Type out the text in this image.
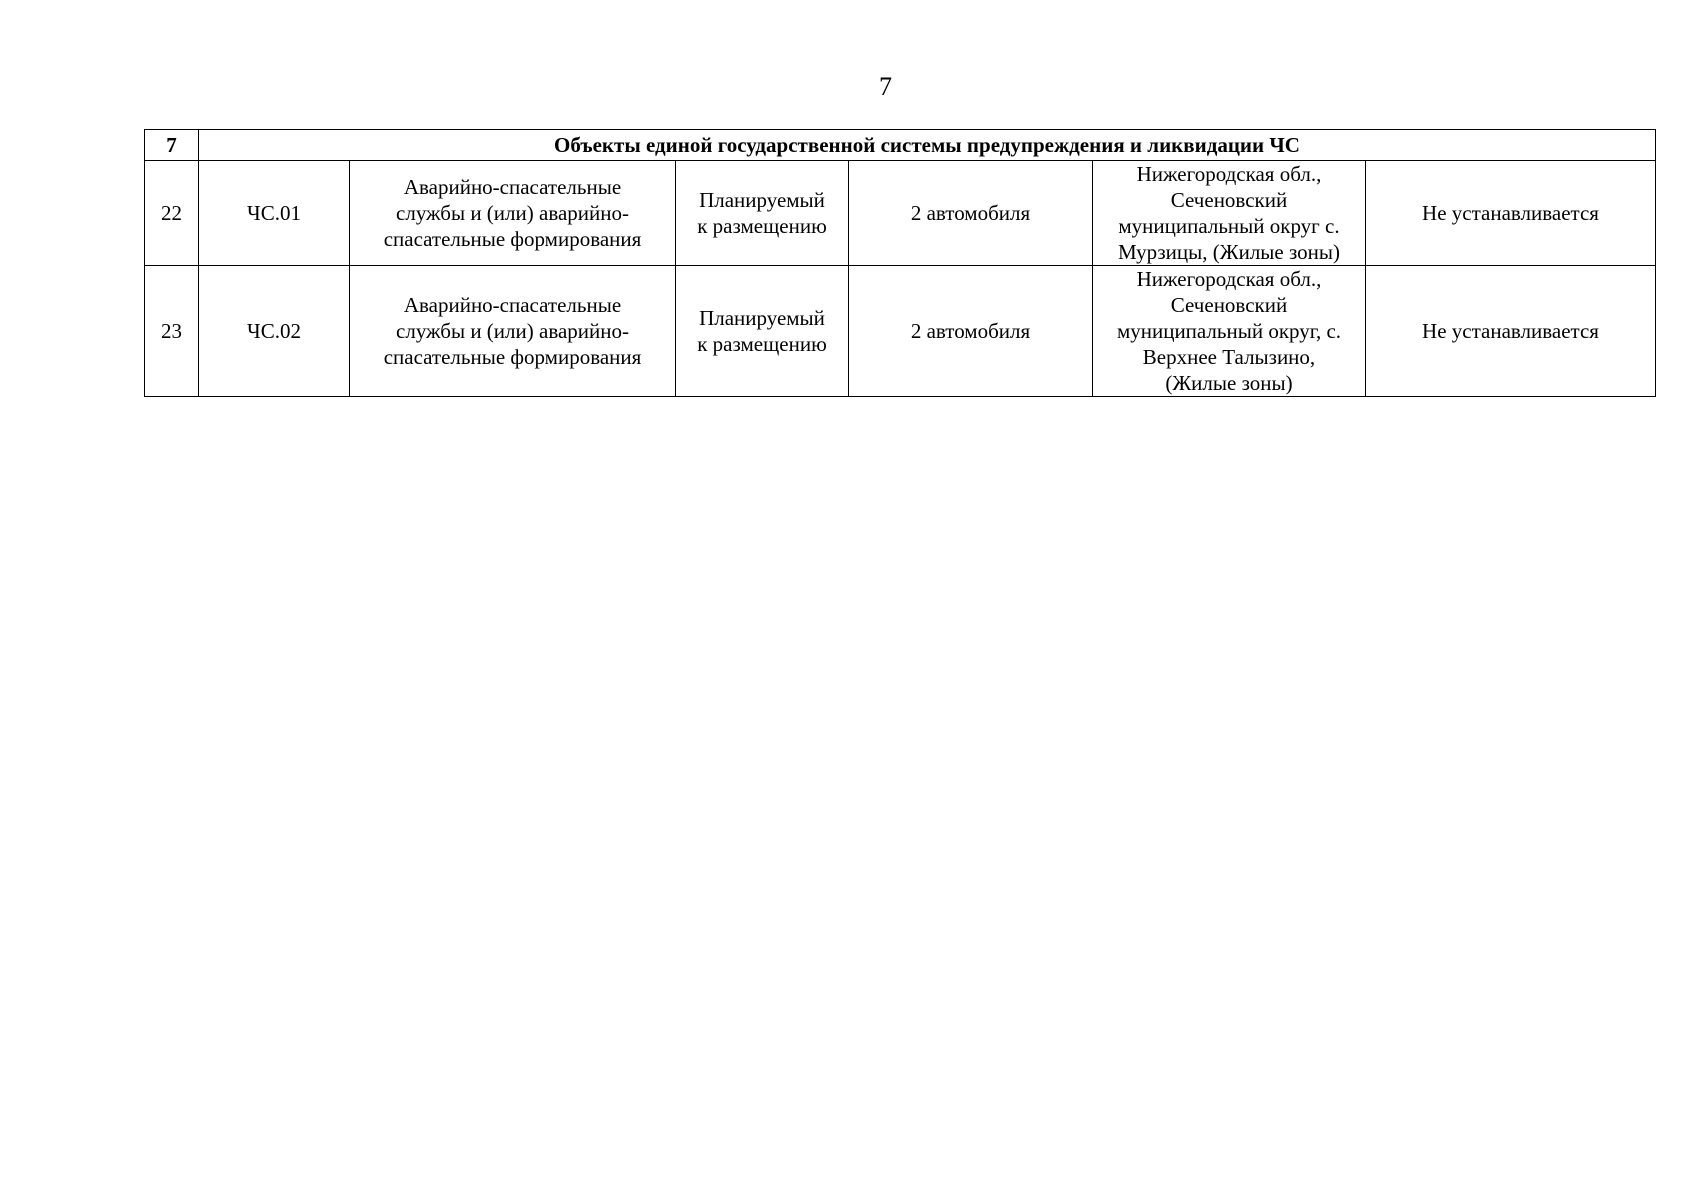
7
7	Объекты единой государственной системы предупреждения и ликвидации ЧС					
22	ЧС.01	Аварийно-спасательные
службы и (или) аварийно-
спасательные формирования	Планируемый
к размещению	2 автомобиля	Нижегородская обл.,
Сеченовский
муниципальный округ с.
Мурзицы, (Жилые зоны)	Не устанавливается
23	ЧС.02	Аварийно-спасательные
службы и (или) аварийно-
спасательные формирования	Планируемый
к размещению	2 автомобиля	Нижегородская обл.,
Сеченовский
муниципальный округ, с.
Верхнее Талызино,
(Жилые зоны)	Не устанавливается
